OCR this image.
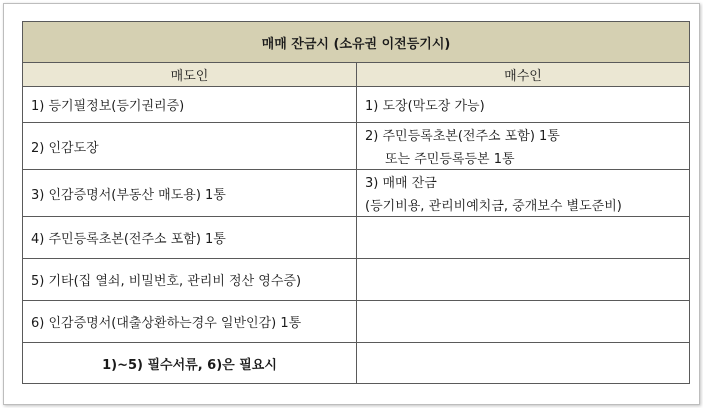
매매 잔금시 (소유권 이전등기시)	
매도인	매수인
1) 등기필정보(등기권리증)	1) 도장(막도장 가능)
2) 인감도장	2) 주민등록초본(전주소 포함) 1통
또는 주민등록등본 1통

3) 인감증명서(부동산 매도용) 1통	3) 매매 잔금
(등기비용, 관리비예치금, 중개보수 별도준비)

4) 주민등록초본(전주소 포함) 1통	
5) 기타(집 열쇠, 비밀번호, 관리비 정산 영수증)	
6) 인감증명서(대출상환하는경우 일반인감) 1통	
1)~5) 필수서류, 6)은 필요시	
